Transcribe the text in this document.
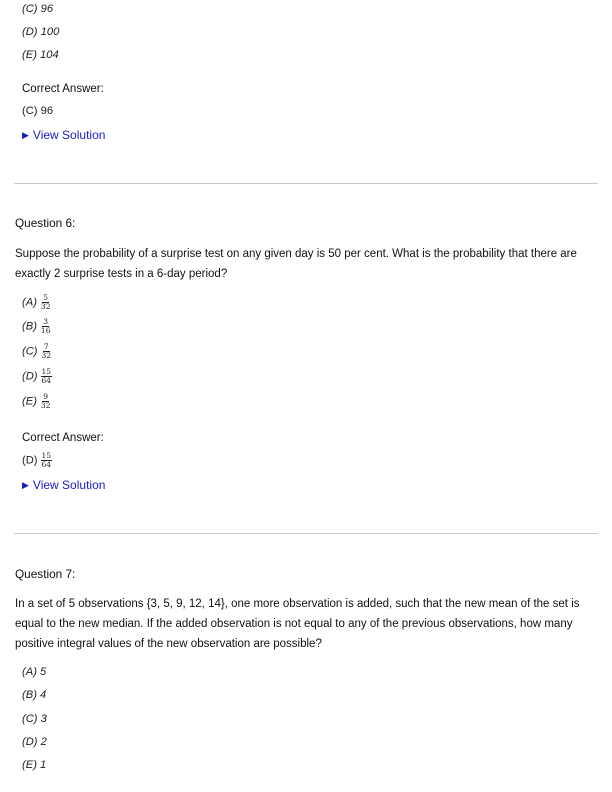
(C) 96
(D) 100
(E) 104
Correct Answer:
(C) 96
▶ View Solution
Question 6:

Suppose the probability of a surprise test on any given day is 50 per cent. What is the probability that there are exactly 2 surprise tests in a 6-day period?

$(A) \frac{5}{32}$
$(B) \frac{3}{16}$
$(C) \frac{7}{32}$
$(D) \frac{15}{64}$
$(E) \frac{9}{32}$
Correct Answer:
$(D) \frac{15}{64}$
▶ View Solution
Question 7:

In a set of 5 observations {3, 5, 9, 12, 14}, one more observation is added, such that the new mean of the set is equal to the new median. If the added observation is not equal to any of the previous observations, how many positive integral values of the new observation are possible?

(A) 5
(B) 4
(C) 3
(D) 2
(E) 1
